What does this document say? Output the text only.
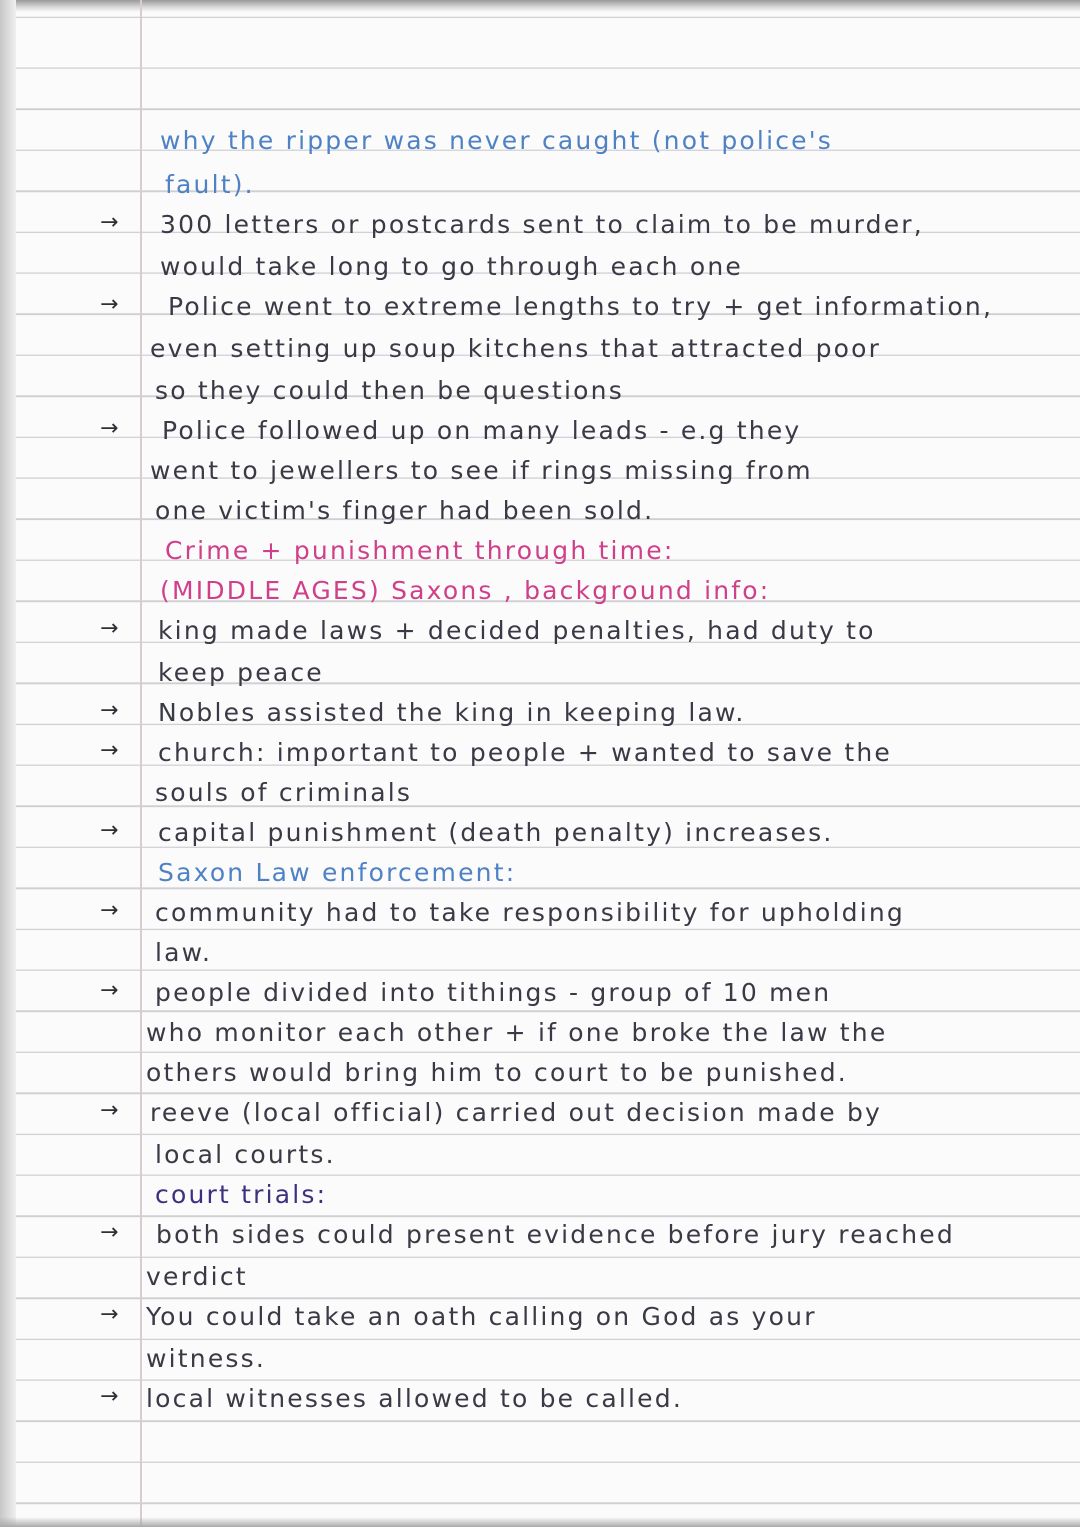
why the ripper was never caught (not police's
fault).
→ 300 letters or postcards sent to claim to be murder,
would take long to go through each one
→ Police went to extreme lengths to try + get information,
even setting up soup kitchens that attracted poor
so they could then be questions
→ Police followed up on many leads - e.g they
went to jewellers to see if rings missing from
one victim's finger had been sold.
Crime + punishment through time:
(MIDDLE AGES) Saxons , background info:
→ king made laws + decided penalties, had duty to
keep peace
→ Nobles assisted the king in keeping law.
→ church: important to people + wanted to save the
souls of criminals
→ capital punishment (death penalty) increases.
Saxon Law enforcement:
→ community had to take responsibility for upholding
law.
→ people divided into tithings - group of 10 men
who monitor each other + if one broke the law the
others would bring him to court to be punished.
→ reeve (local official) carried out decision made by
local courts.
court trials:
→ both sides could present evidence before jury reached
verdict
→ You could take an oath calling on God as your
witness.
→ local witnesses allowed to be called.
